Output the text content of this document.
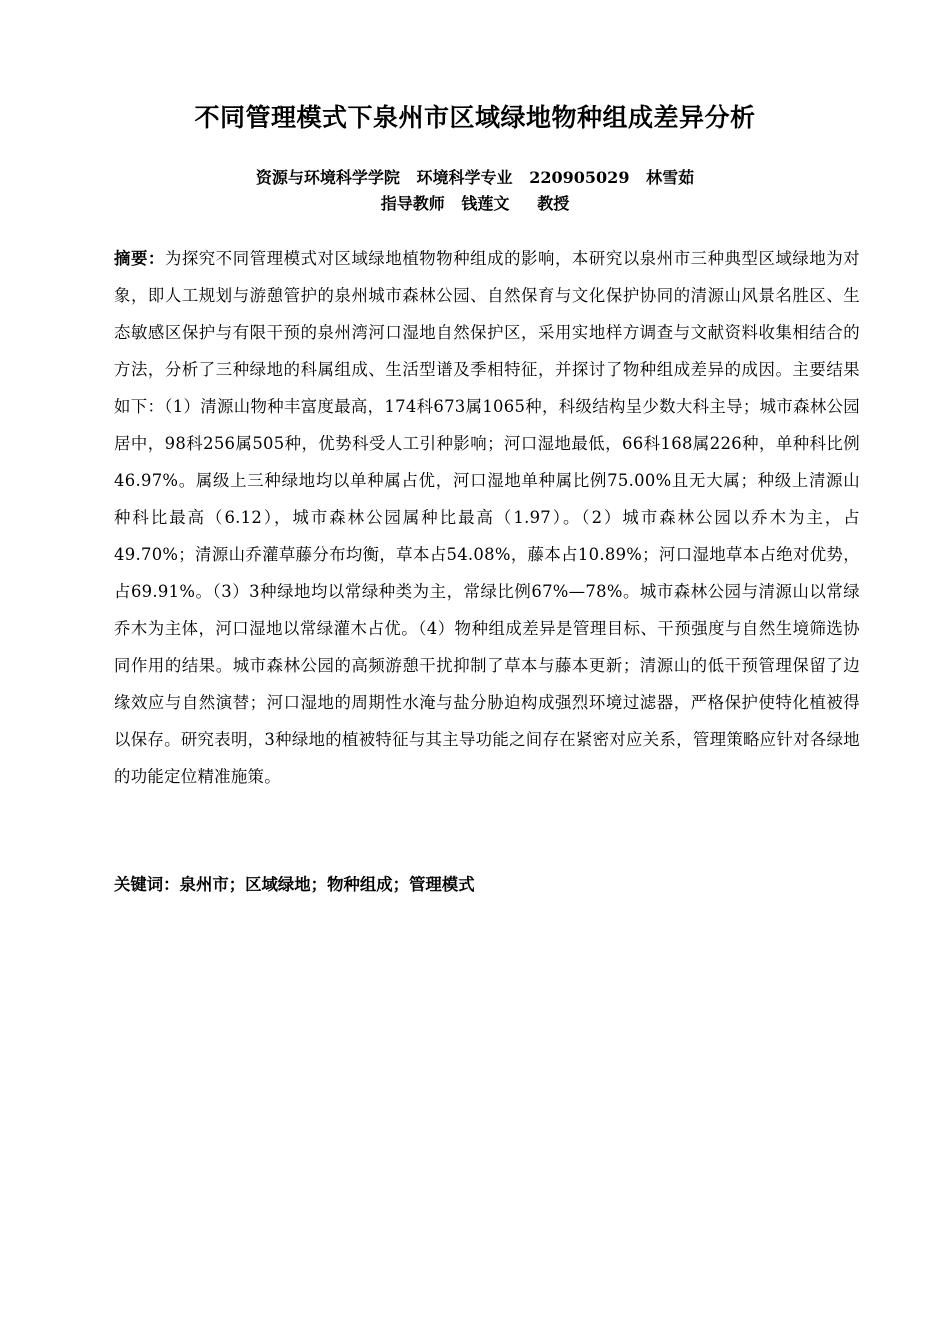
不同管理模式下泉州市区域绿地物种组成差异分析
资源与环境科学学院   环境科学专业   220905029   林雪茹
指导教师   钱莲文     教授
摘要：为探究不同管理模式对区域绿地植物物种组成的影响，本研究以泉州市三种典型区域绿地为对象，即人工规划与游憩管护的泉州城市森林公园、自然保育与文化保护协同的清源山风景名胜区、生态敏感区保护与有限干预的泉州湾河口湿地自然保护区，采用实地样方调查与文献资料收集相结合的方法，分析了三种绿地的科属组成、生活型谱及季相特征，并探讨了物种组成差异的成因。主要结果如下：（1）清源山物种丰富度最高，174科673属1065种，科级结构呈少数大科主导；城市森林公园居中，98科256属505种，优势科受人工引种影响；河口湿地最低，66科168属226种，单种科比例46.97%。属级上三种绿地均以单种属占优，河口湿地单种属比例75.00%且无大属；种级上清源山种科比最高（6.12），城市森林公园属种比最高（1.97）。（2）城市森林公园以乔木为主，占49.70%；清源山乔灌草藤分布均衡，草本占54.08%，藤本占10.89%；河口湿地草本占绝对优势，占69.91%。（3）3种绿地均以常绿种类为主，常绿比例67%—78%。城市森林公园与清源山以常绿乔木为主体，河口湿地以常绿灌木占优。（4）物种组成差异是管理目标、干预强度与自然生境筛选协同作用的结果。城市森林公园的高频游憩干扰抑制了草本与藤本更新；清源山的低干预管理保留了边缘效应与自然演替；河口湿地的周期性水淹与盐分胁迫构成强烈环境过滤器，严格保护使特化植被得以保存。研究表明，3种绿地的植被特征与其主导功能之间存在紧密对应关系，管理策略应针对各绿地的功能定位精准施策。
关键词：泉州市；区域绿地；物种组成；管理模式
